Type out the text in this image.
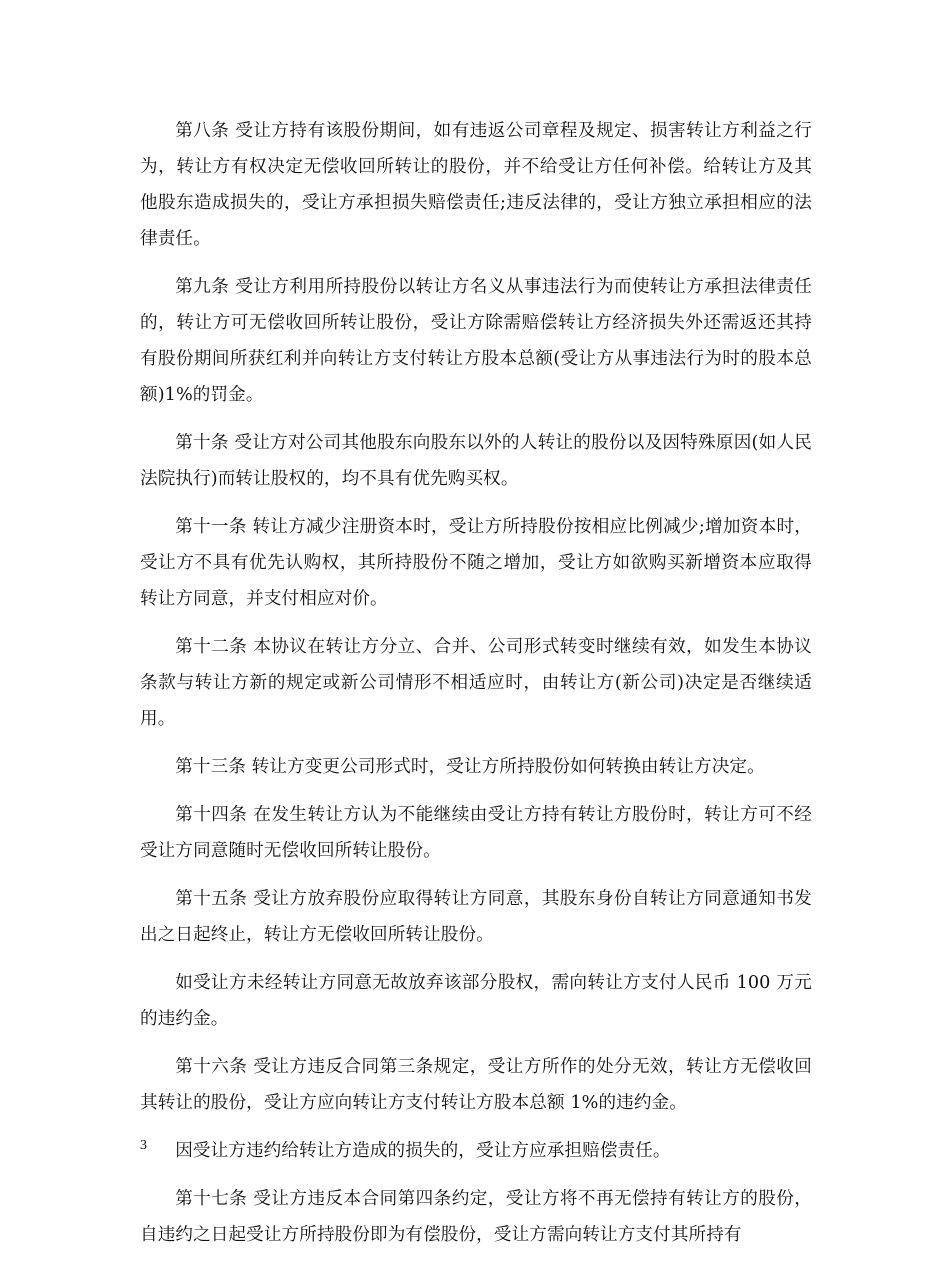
第八条 受让方持有该股份期间，如有违返公司章程及规定、损害转让方利益之行为，转让方有权决定无偿收回所转让的股份，并不给受让方任何补偿。给转让方及其他股东造成损失的，受让方承担损失赔偿责任;违反法律的，受让方独立承担相应的法律责任。

第九条 受让方利用所持股份以转让方名义从事违法行为而使转让方承担法律责任的，转让方可无偿收回所转让股份，受让方除需赔偿转让方经济损失外还需返还其持有股份期间所获红利并向转让方支付转让方股本总额(受让方从事违法行为时的股本总额)1%的罚金。

第十条 受让方对公司其他股东向股东以外的人转让的股份以及因特殊原因(如人民法院执行)而转让股权的，均不具有优先购买权。

第十一条 转让方减少注册资本时，受让方所持股份按相应比例减少;增加资本时，受让方不具有优先认购权，其所持股份不随之增加，受让方如欲购买新增资本应取得转让方同意，并支付相应对价。

第十二条 本协议在转让方分立、合并、公司形式转变时继续有效，如发生本协议条款与转让方新的规定或新公司情形不相适应时，由转让方(新公司)决定是否继续适用。

第十三条 转让方变更公司形式时，受让方所持股份如何转换由转让方决定。

第十四条 在发生转让方认为不能继续由受让方持有转让方股份时，转让方可不经受让方同意随时无偿收回所转让股份。

第十五条 受让方放弃股份应取得转让方同意，其股东身份自转让方同意通知书发出之日起终止，转让方无偿收回所转让股份。

如受让方未经转让方同意无故放弃该部分股权，需向转让方支付人民币 100 万元的违约金。

第十六条 受让方违反合同第三条规定，受让方所作的处分无效，转让方无偿收回其转让的股份，受让方应向转让方支付转让方股本总额 1%的违约金。

因受让方违约给转让方造成的损失的，受让方应承担赔偿责任。

第十七条 受让方违反本合同第四条约定，受让方将不再无偿持有转让方的股份，自违约之日起受让方所持股份即为有偿股份，受让方需向转让方支付其所持有

3
